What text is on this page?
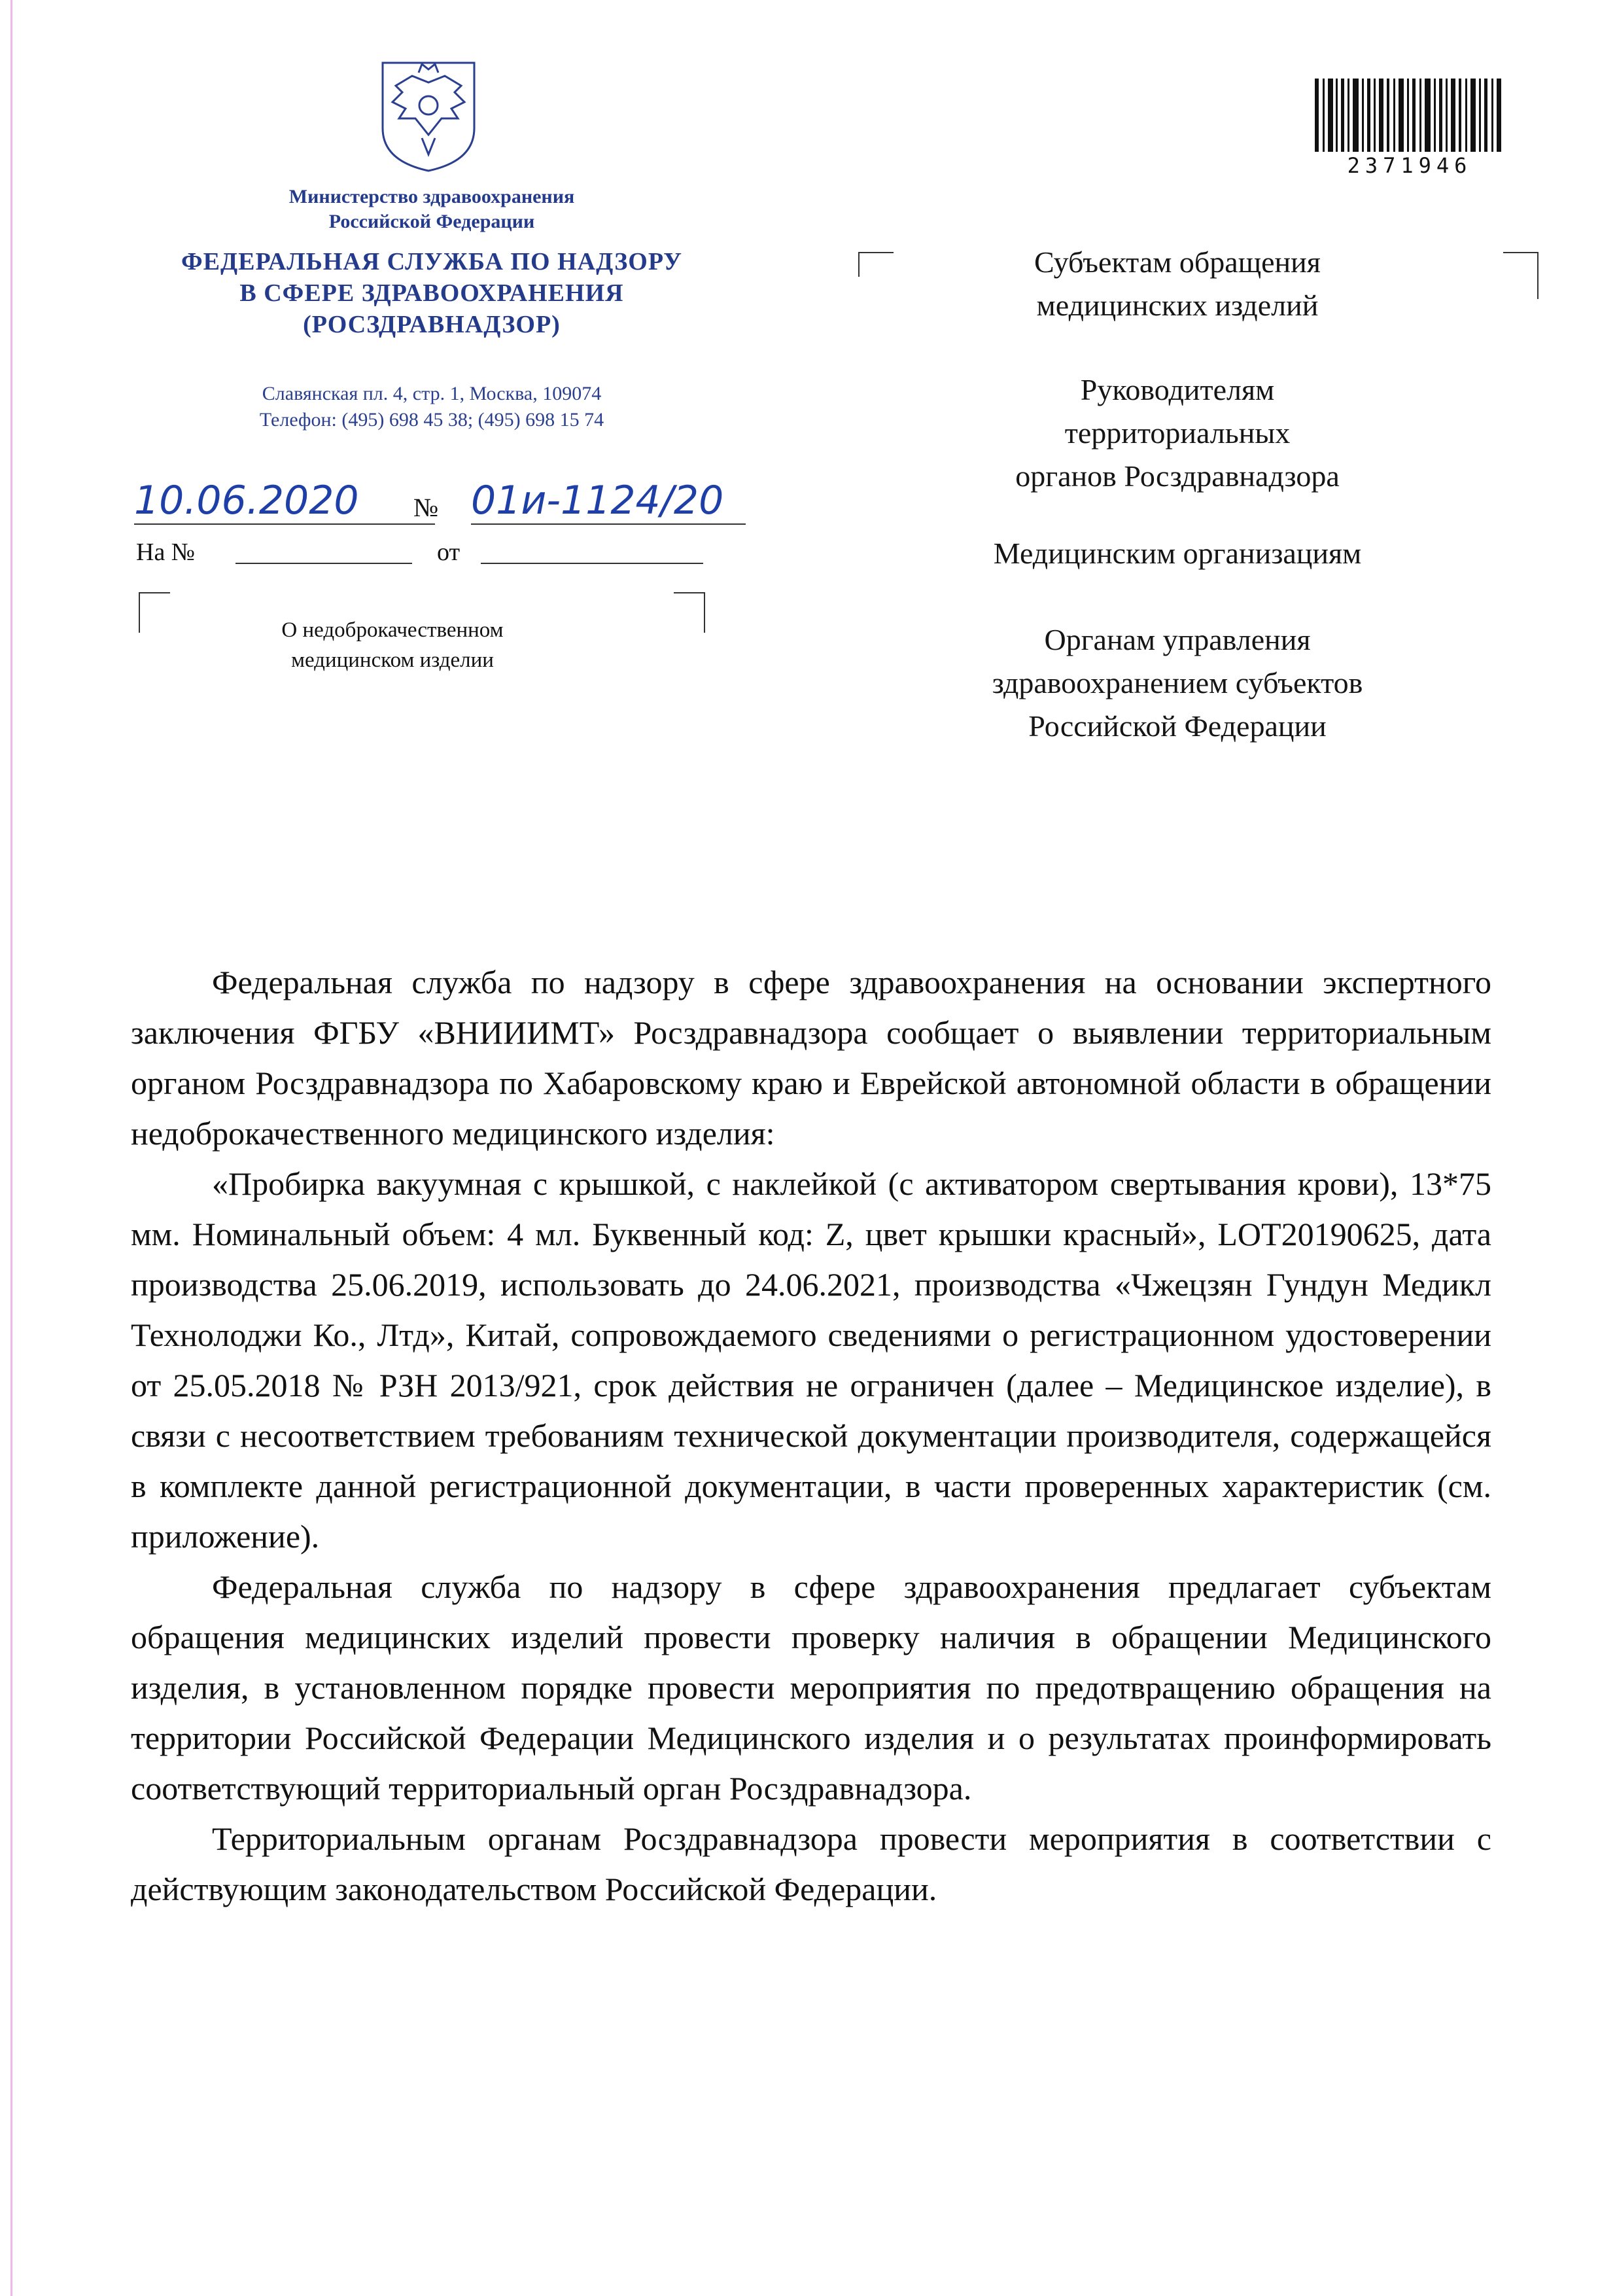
Министерство здравоохранения
Российской Федерации
ФЕДЕРАЛЬНАЯ СЛУЖБА ПО НАДЗОРУ
В СФЕРЕ ЗДРАВООХРАНЕНИЯ
(РОСЗДРАВНАДЗОР)
Славянская пл. 4, стр. 1, Москва, 109074
Телефон: (495) 698 45 38; (495) 698 15 74
10.06.2020	№ 01и-1124/20
На №	от
2371946
Субъектам обращения
медицинских изделий
Руководителям
территориальных
органов Росздравнадзора
Медицинским организациям
Органам управления
здравоохранением субъектов
Российской Федерации
О недоброкачественном
медицинском изделии

Федеральная служба по надзору в сфере здравоохранения на основании экспертного заключения ФГБУ «ВНИИИМТ» Росздравнадзора сообщает о выявлении территориальным органом Росздравнадзора по Хабаровскому краю и Еврейской автономной области в обращении недоброкачественного медицинского изделия:

«Пробирка вакуумная с крышкой, с наклейкой (с активатором свертывания крови), 13*75 мм. Номинальный объем: 4 мл. Буквенный код: Z, цвет крышки красный», LOT20190625, дата производства 25.06.2019, использовать до 24.06.2021, производства «Чжецзян Гундун Медикл Технолоджи Ко., Лтд», Китай, сопровождаемого сведениями о регистрационном удостоверении от 25.05.2018 № РЗН 2013/921, срок действия не ограничен (далее – Медицинское изделие), в связи с несоответствием требованиям технической документации производителя, содержащейся в комплекте данной регистрационной документации, в части проверенных характеристик (см. приложение).

Федеральная служба по надзору в сфере здравоохранения предлагает субъектам обращения медицинских изделий провести проверку наличия в обращении Медицинского изделия, в установленном порядке провести мероприятия по предотвращению обращения на территории Российской Федерации Медицинского изделия и о результатах проинформировать соответствующий территориальный орган Росздравнадзора.

Территориальным органам Росздравнадзора провести мероприятия в соответствии с действующим законодательством Российской Федерации.
